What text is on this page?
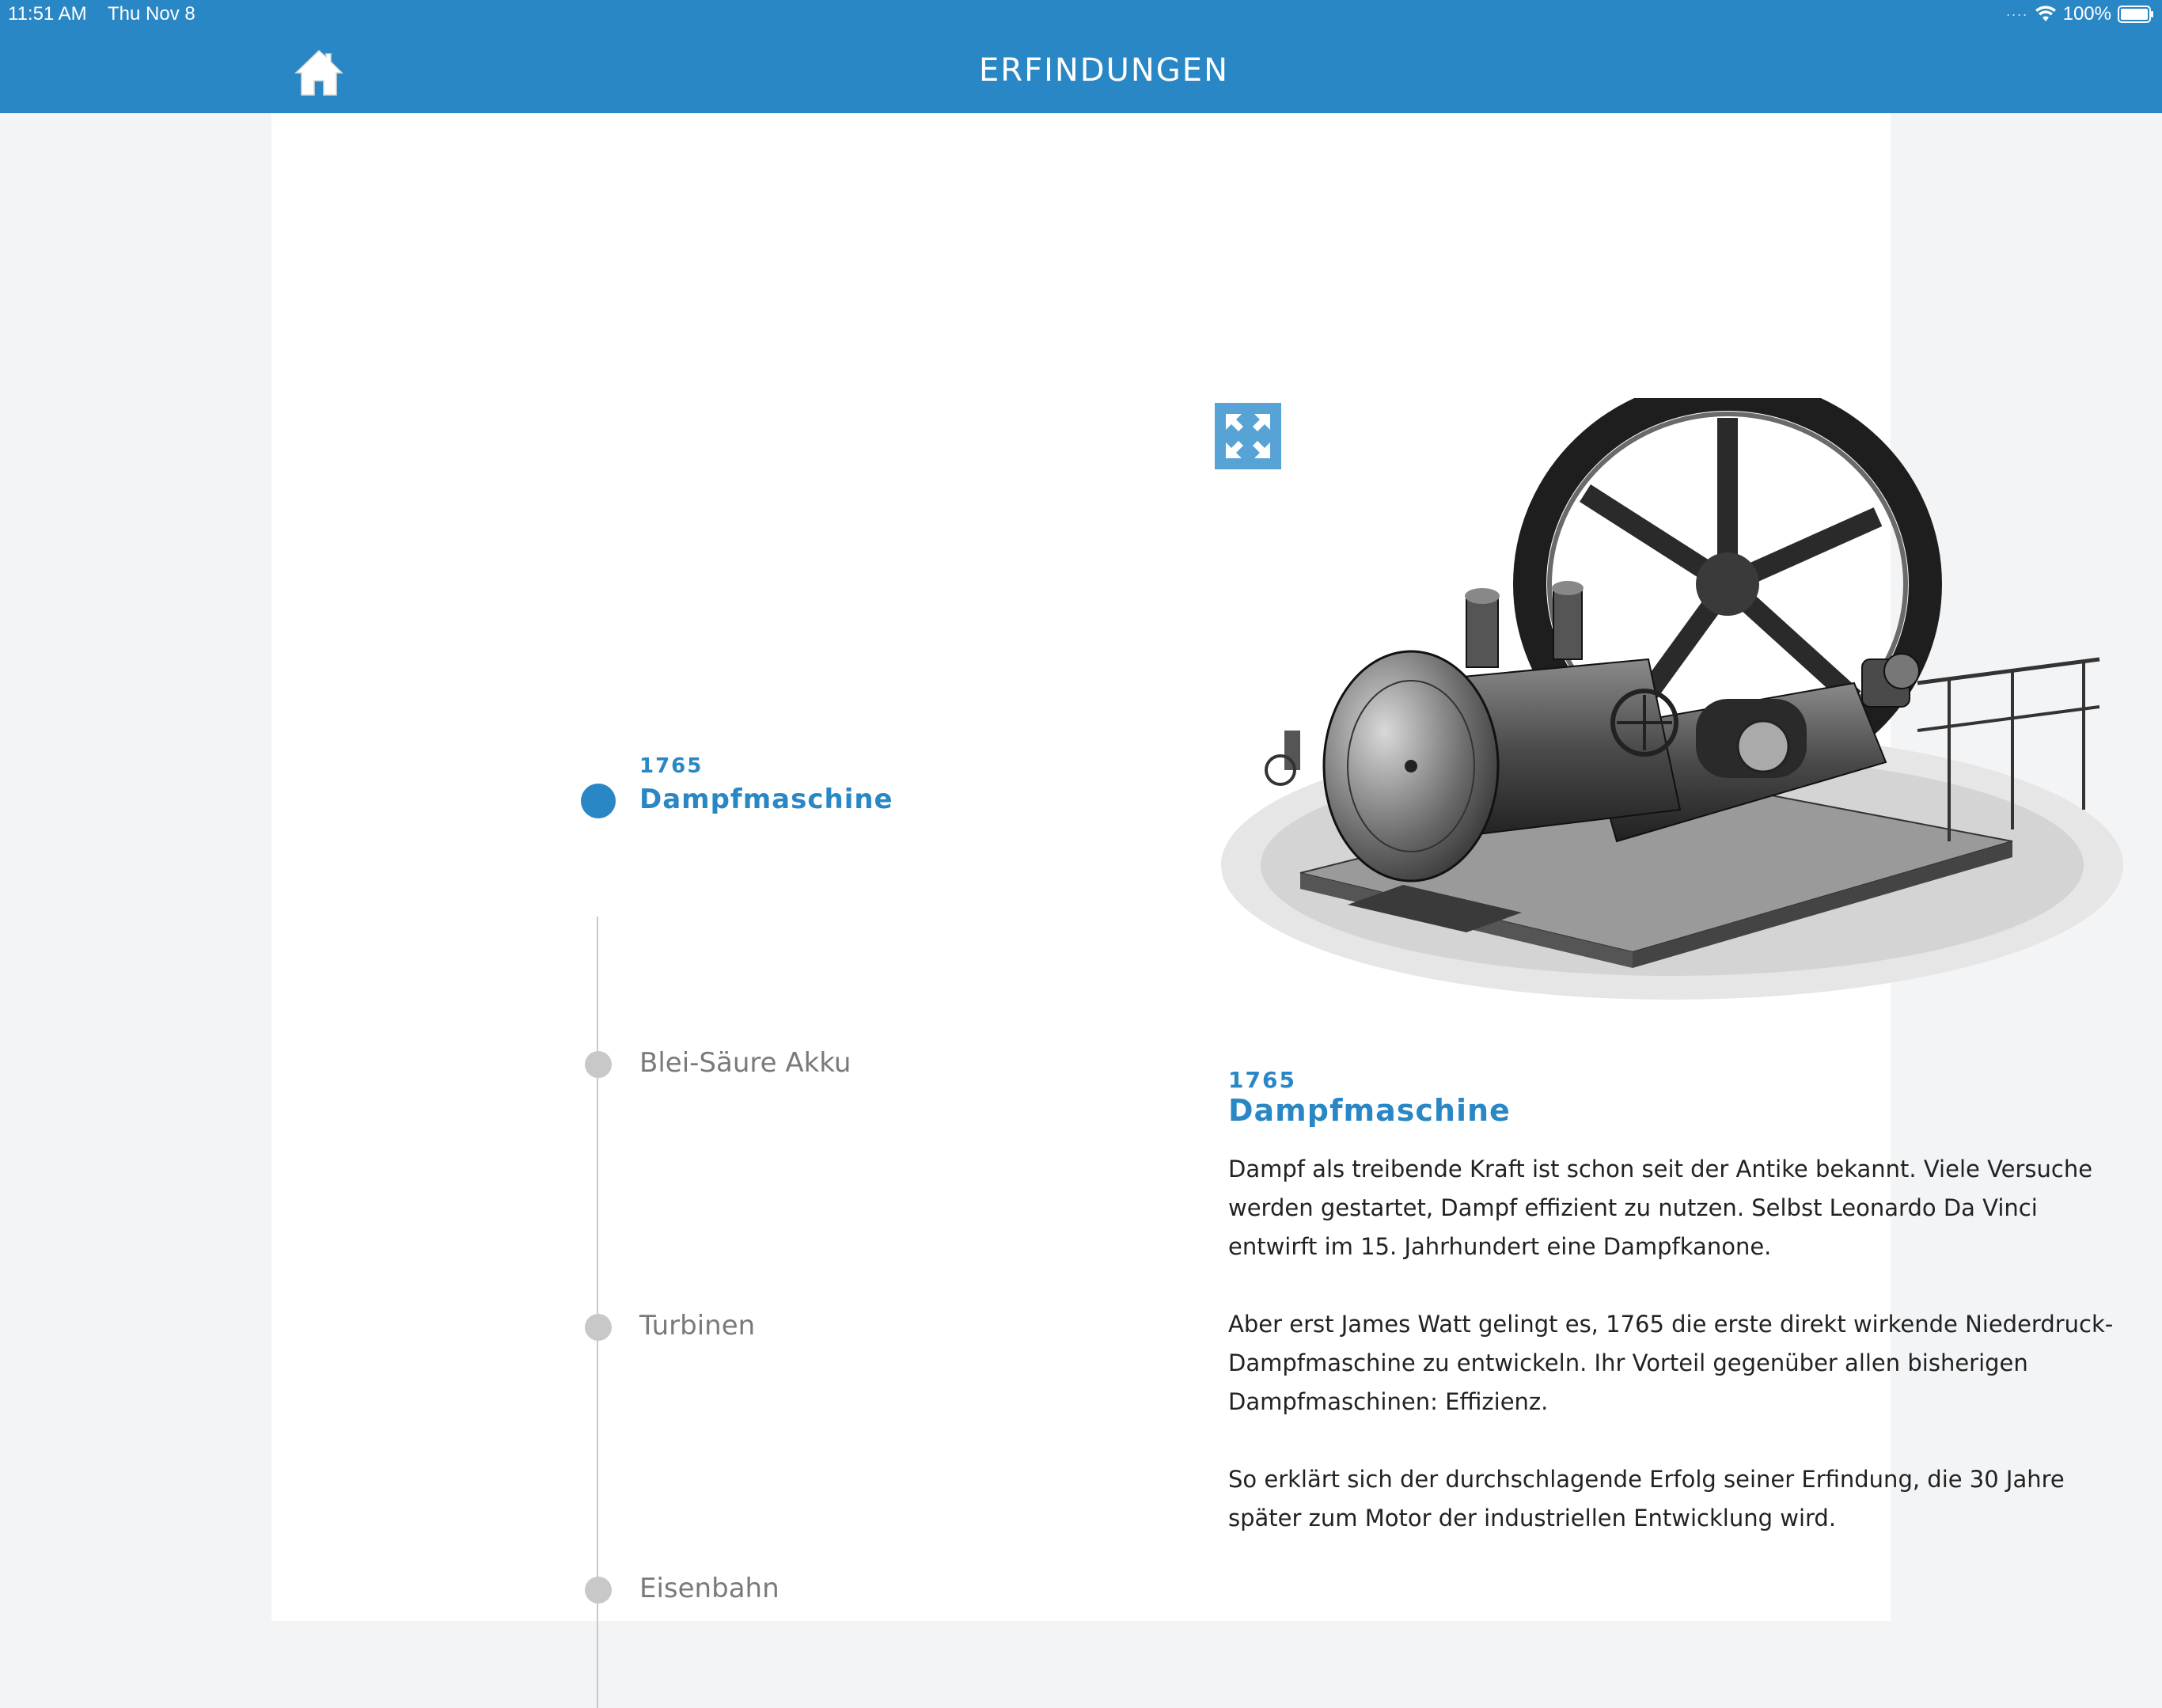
11:51 AM Thu Nov 8	···· 100%
ERFINDUNGEN
1765
Dampfmaschine
Blei-Säure Akku
Turbinen
Eisenbahn
1765
Dampfmaschine

Dampf als treibende Kraft ist schon seit der Antike bekannt. Viele Versuche werden gestartet, Dampf effizient zu nutzen. Selbst Leonardo Da Vinci entwirft im 15. Jahrhundert eine Dampfkanone.

Aber erst James Watt gelingt es, 1765 die erste direkt wirkende Niederdruck-Dampfmaschine zu entwickeln. Ihr Vorteil gegenüber allen bisherigen Dampfmaschinen: Effizienz.

So erklärt sich der durchschlagende Erfolg seiner Erfindung, die 30 Jahre später zum Motor der industriellen Entwicklung wird.
